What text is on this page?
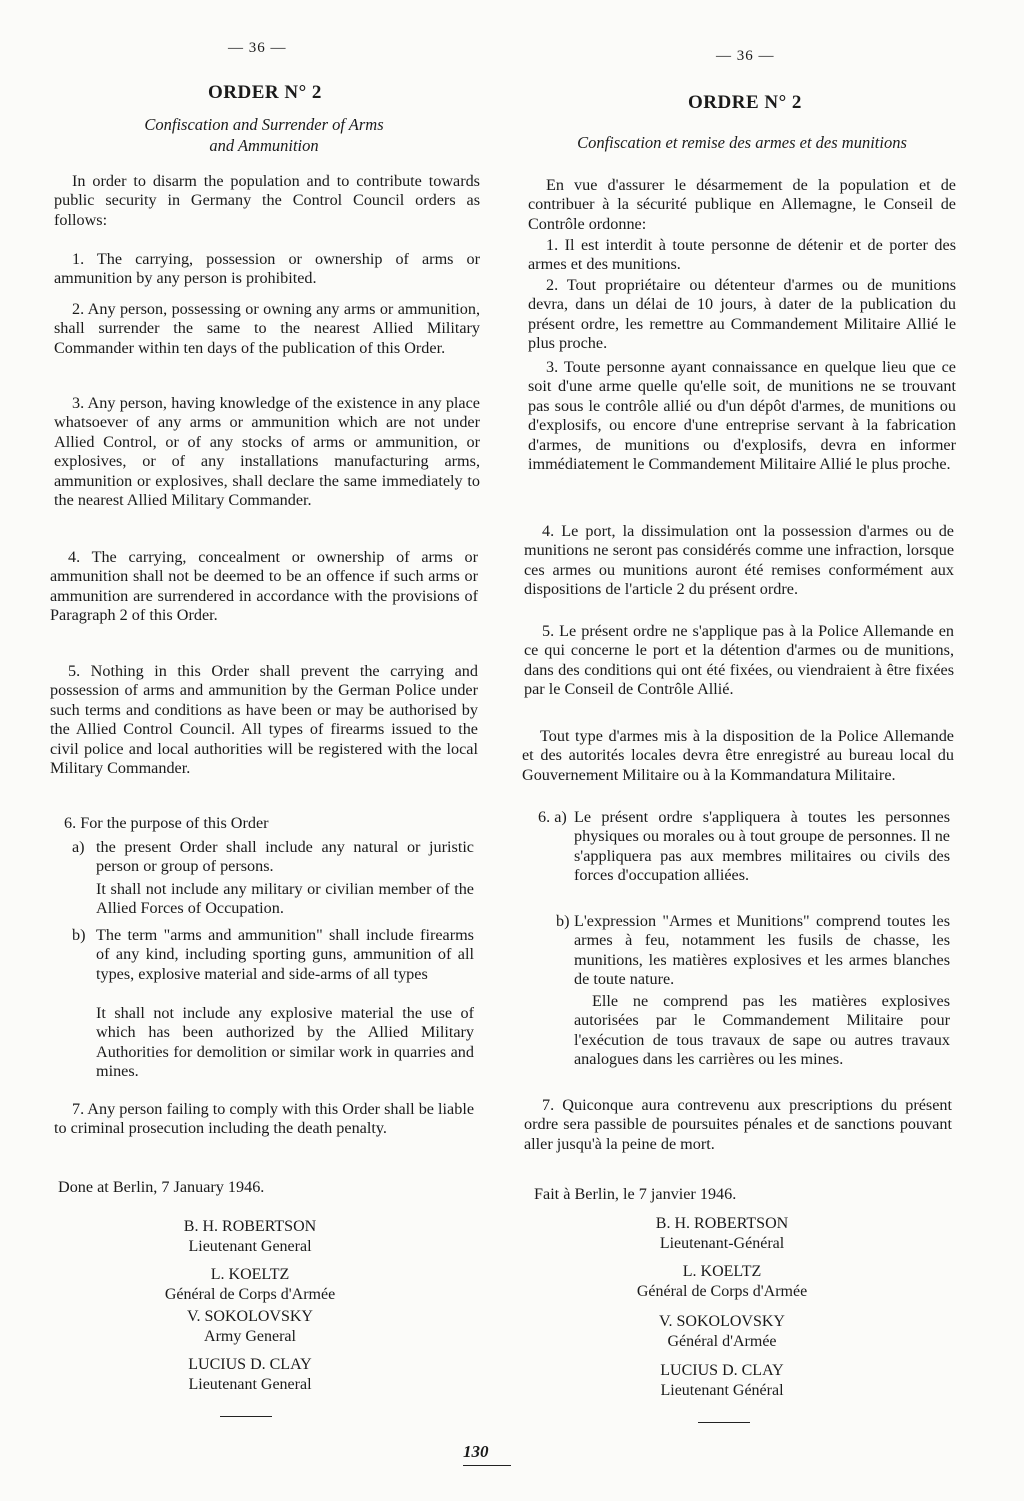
— 36 —
ORDER N° 2
Confiscation and Surrender of Arms
and Ammunition

In order to disarm the population and to contribute towards public security in Germany the Control Council orders as follows:

1. The carrying, possession or ownership of arms or ammunition by any person is prohibited.

2. Any person, possessing or owning any arms or ammunition, shall surrender the same to the nearest Allied Military Commander within ten days of the publication of this Order.

3. Any person, having knowledge of the existence in any place whatsoever of any arms or ammunition which are not under Allied Control, or of any stocks of arms or ammunition, or explosives, or of any installations manufacturing arms, ammunition or explosives, shall declare the same immediately to the nearest Allied Military Commander.

4. The carrying, concealment or ownership of arms or ammunition shall not be deemed to be an offence if such arms or ammunition are surrendered in accordance with the provisions of Paragraph 2 of this Order.

5. Nothing in this Order shall prevent the carrying and possession of arms and ammunition by the German Police under such terms and conditions as have been or may be authorised by the Allied Control Council. All types of firearms issued to the civil police and local authorities will be registered with the local Military Commander.

6. For the purpose of this Order

a) the present Order shall include any natural or juristic person or group of persons.

It shall not include any military or civilian member of the Allied Forces of Occupation.

b) The term "arms and ammunition" shall include firearms of any kind, including sporting guns, ammunition of all types, explosive material and side-arms of all types

It shall not include any explosive material the use of which has been authorized by the Allied Military Authorities for demolition or similar work in quarries and mines.

7. Any person failing to comply with this Order shall be liable to criminal prosecution including the death penalty.

Done at Berlin, 7 January 1946.
B. H. ROBERTSON
Lieutenant General
L. KOELTZ
Général de Corps d'Armée
V. SOKOLOVSKY
Army General
LUCIUS D. CLAY
Lieutenant General
— 36 —
ORDRE N° 2
Confiscation et remise des armes et des munitions

En vue d'assurer le désarmement de la population et de contribuer à la sécurité publique en Allemagne, le Conseil de Contrôle ordonne:

1. Il est interdit à toute personne de détenir et de porter des armes et des munitions.

2. Tout propriétaire ou détenteur d'armes ou de munitions devra, dans un délai de 10 jours, à dater de la publication du présent ordre, les remettre au Commandement Militaire Allié le plus proche.

3. Toute personne ayant connaissance en quelque lieu que ce soit d'une arme quelle qu'elle soit, de munitions ne se trouvant pas sous le contrôle allié ou d'un dépôt d'armes, de munitions ou d'explosifs, ou encore d'une entreprise servant à la fabrication d'armes, de munitions ou d'explosifs, devra en informer immédiatement le Commandement Militaire Allié le plus proche.

4. Le port, la dissimulation ont la possession d'armes ou de munitions ne seront pas considérés comme une infraction, lorsque ces armes ou munitions auront été remises conformément aux dispositions de l'article 2 du présent ordre.

5. Le présent ordre ne s'applique pas à la Police Allemande en ce qui concerne le port et la détention d'armes ou de munitions, dans des conditions qui ont été fixées, ou viendraient à être fixées par le Conseil de Contrôle Allié.

Tout type d'armes mis à la disposition de la Police Allemande et des autorités locales devra être enregistré au bureau local du Gouvernement Militaire ou à la Kommandatura Militaire.

6. a) Le présent ordre s'appliquera à toutes les personnes physiques ou morales ou à tout groupe de personnes. Il ne s'appliquera pas aux membres militaires ou civils des forces d'occupation alliées.

b) L'expression "Armes et Munitions" comprend toutes les armes à feu, notamment les fusils de chasse, les munitions, les matières explosives et les armes blanches de toute nature.

Elle ne comprend pas les matières explosives autorisées par le Commandement Militaire pour l'exécution de tous travaux de sape ou autres travaux analogues dans les carrières ou les mines.

7. Quiconque aura contrevenu aux prescriptions du présent ordre sera passible de poursuites pénales et de sanctions pouvant aller jusqu'à la peine de mort.

Fait à Berlin, le 7 janvier 1946.
B. H. ROBERTSON
Lieutenant-Général
L. KOELTZ
Général de Corps d'Armée
V. SOKOLOVSKY
Général d'Armée
LUCIUS D. CLAY
Lieutenant Général
130
